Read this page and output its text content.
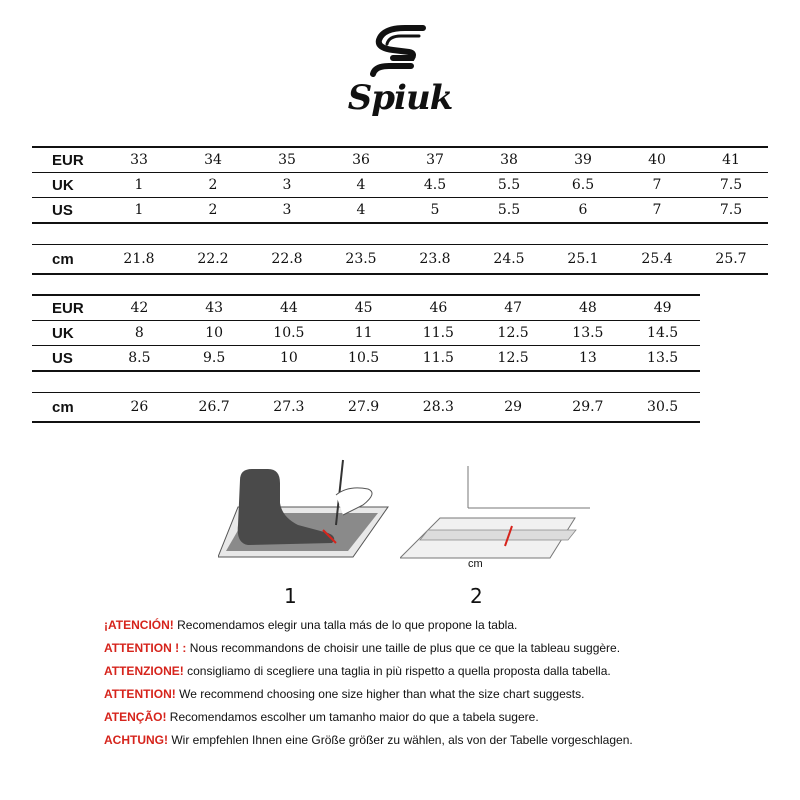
Spiuk
EUR	33	34	35	36	37	38	39	40	41
UK	1	2	3	4	4.5	5.5	6.5	7	7.5
US	1	2	3	4	5	5.5	6	7	7.5

cm	21.8	22.2	22.8	23.5	23.8	24.5	25.1	25.4	25.7
EUR	42	43	44	45	46	47	48	49
UK	8	10	10.5	11	11.5	12.5	13.5	14.5
US	8.5	9.5	10	10.5	11.5	12.5	13	13.5

cm	26	26.7	27.3	27.9	28.3	29	29.7	30.5
cm
1	2
¡ATENCIÓN! Recomendamos elegir una talla más de lo que propone la tabla.
ATTENTION ! : Nous recommandons de choisir une taille de plus que ce que la tableau suggère.
ATTENZIONE! consigliamo di scegliere una taglia in più rispetto a quella proposta dalla tabella.
ATTENTION! We recommend choosing one size higher than what the size chart suggests.
ATENÇÃO! Recomendamos escolher um tamanho maior do que a tabela sugere.
ACHTUNG! Wir empfehlen Ihnen eine Größe größer zu wählen, als von der Tabelle vorgeschlagen.
